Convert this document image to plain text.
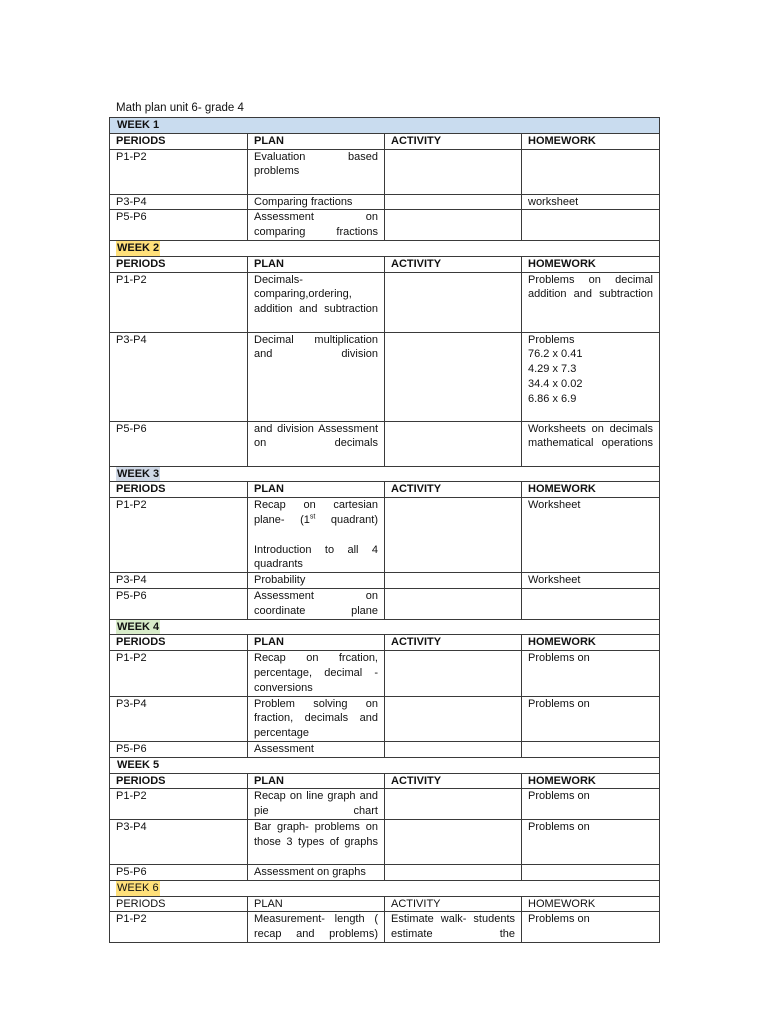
Math plan unit 6- grade 4
WEEK 1			
PERIODS	PLAN	ACTIVITY	HOMEWORK
P1-P2	Evaluation based problems		
P3-P4	Comparing fractions		worksheet
P5-P6	Assessment on comparing fractions		
WEEK 2			
PERIODS	PLAN	ACTIVITY	HOMEWORK
P1-P2	Decimals- comparing,ordering, addition and subtraction		Problems on decimal addition and subtraction
P3-P4	Decimal multiplication and division		Problems
76.2 x 0.41
4.29 x 7.3
34.4 x 0.02
6.86 x 6.9
P5-P6	and division Assessment on decimals		Worksheets on decimals mathematical operations
WEEK 3			
PERIODS	PLAN	ACTIVITY	HOMEWORK
P1-P2	Recap on cartesian plane- (1st quadrant)
Introduction to all 4 quadrants		Worksheet
P3-P4	Probability		Worksheet
P5-P6	Assessment on coordinate plane		
WEEK 4			
PERIODS	PLAN	ACTIVITY	HOMEWORK
P1-P2	Recap on frcation, percentage, decimal - conversions		Problems on
P3-P4	Problem solving on fraction, decimals and percentage		Problems on
P5-P6	Assessment		
WEEK 5			
PERIODS	PLAN	ACTIVITY	HOMEWORK
P1-P2	Recap on line graph and pie chart		Problems on
P3-P4	Bar graph- problems on those 3 types of graphs		Problems on
P5-P6	Assessment on graphs		
WEEK 6			
PERIODS	PLAN	ACTIVITY	HOMEWORK
P1-P2	Measurement- length ( recap and problems)	Estimate walk- students estimate the	Problems on
